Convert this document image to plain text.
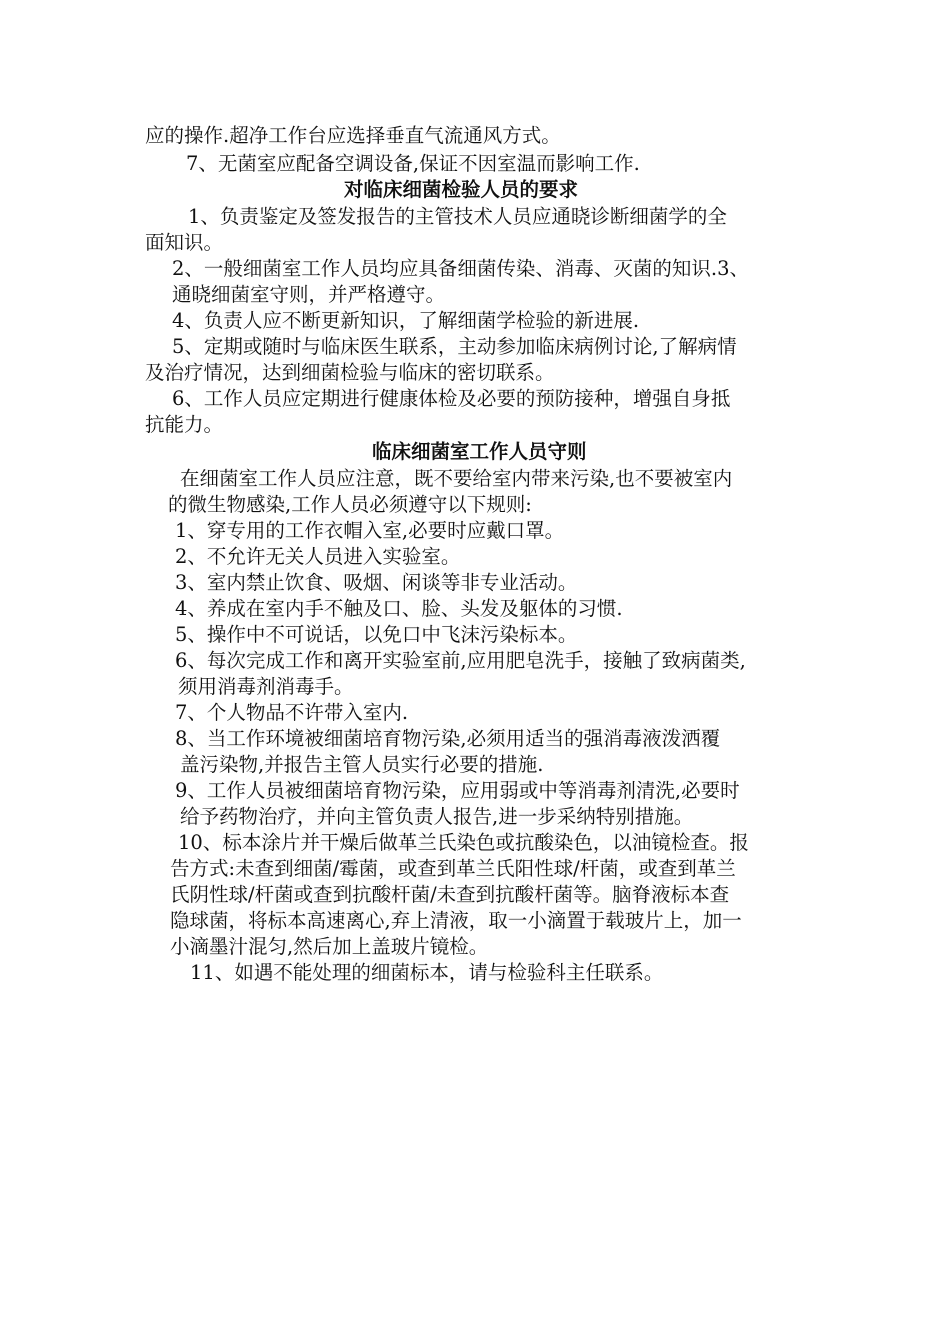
应的操作.超净工作台应选择垂直气流通风方式。
7、无菌室应配备空调设备,保证不因室温而影响工作.
对临床细菌检验人员的要求
1、负责鉴定及签发报告的主管技术人员应通晓诊断细菌学的全
面知识。
2、一般细菌室工作人员均应具备细菌传染、消毒、灭菌的知识.3、
通晓细菌室守则，并严格遵守。
4、负责人应不断更新知识，了解细菌学检验的新进展.
5、定期或随时与临床医生联系，主动参加临床病例讨论,了解病情
及治疗情况，达到细菌检验与临床的密切联系。
6、工作人员应定期进行健康体检及必要的预防接种，增强自身抵
抗能力。
临床细菌室工作人员守则
在细菌室工作人员应注意，既不要给室内带来污染,也不要被室内
的微生物感染,工作人员必须遵守以下规则:
1、穿专用的工作衣帽入室,必要时应戴口罩。
2、不允许无关人员进入实验室。
3、室内禁止饮食、吸烟、闲谈等非专业活动。
4、养成在室内手不触及口、脸、头发及躯体的习惯.
5、操作中不可说话，以免口中飞沫污染标本。
6、每次完成工作和离开实验室前,应用肥皂洗手，接触了致病菌类,
须用消毒剂消毒手。
7、个人物品不许带入室内.
8、当工作环境被细菌培育物污染,必须用适当的强消毒液泼洒覆
盖污染物,并报告主管人员实行必要的措施.
9、工作人员被细菌培育物污染，应用弱或中等消毒剂清洗,必要时
给予药物治疗，并向主管负责人报告,进一步采纳特别措施。
10、标本涂片并干燥后做革兰氏染色或抗酸染色，以油镜检查。报
告方式:未查到细菌/霉菌，或查到革兰氏阳性球/杆菌，或查到革兰
氏阴性球/杆菌或查到抗酸杆菌/未查到抗酸杆菌等。脑脊液标本查
隐球菌，将标本高速离心,弃上清液，取一小滴置于载玻片上，加一
小滴墨汁混匀,然后加上盖玻片镜检。
11、如遇不能处理的细菌标本，请与检验科主任联系。
